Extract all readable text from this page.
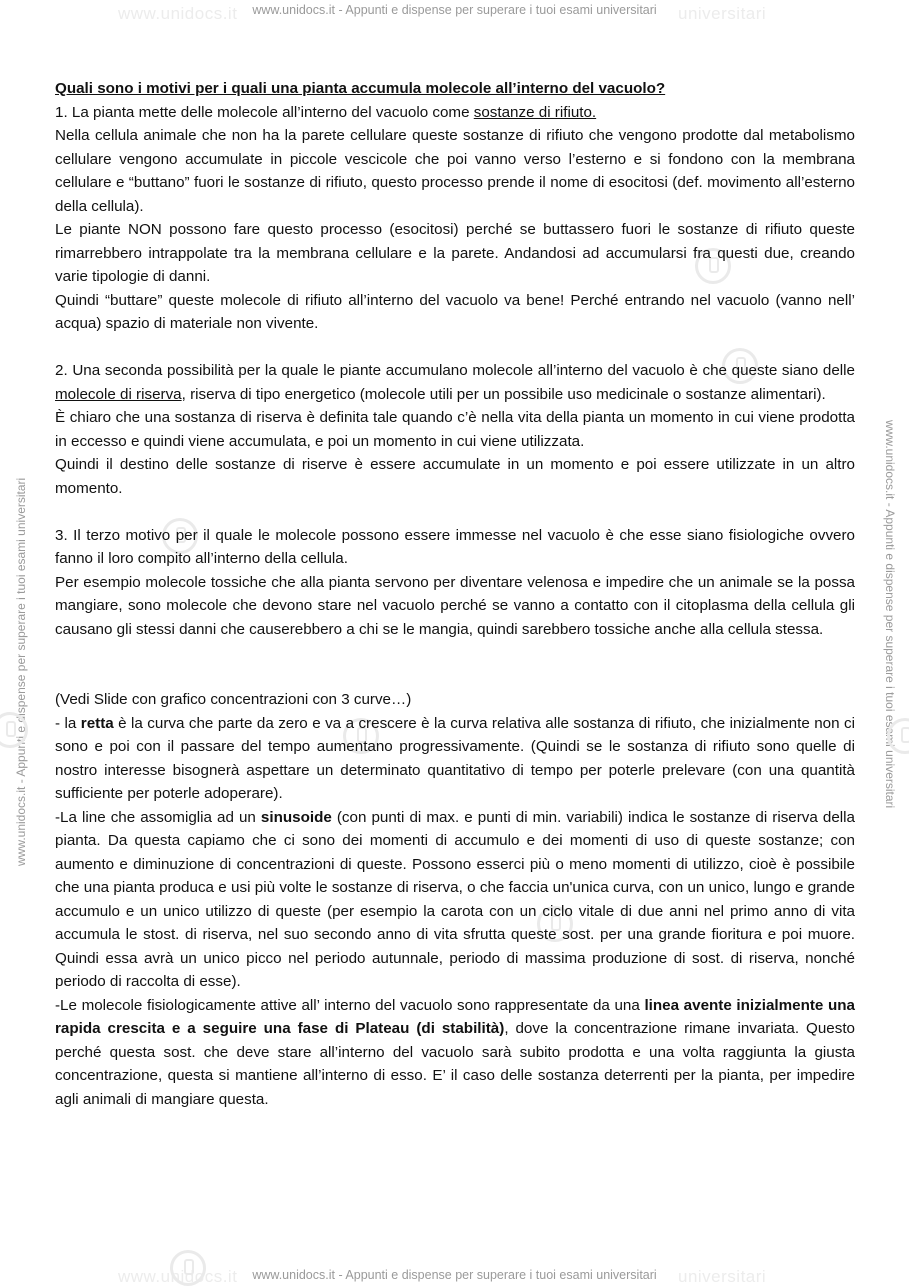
www.unidocs.it	universitari
www.unidocs.it - Appunti e dispense per superare i tuoi esami universitari
www.unidocs.it	universitari
www.unidocs.it - Appunti e dispense per superare i tuoi esami universitari
www.unidocs.it - Appunti e dispense per superare i tuoi esami universitari	www.unidocs.it - Appunti e dispense per superare i tuoi esami universitari

Quali sono i motivi per i quali una pianta accumula molecole all’interno del vacuolo?

1. La pianta mette delle molecole all’interno del vacuolo come sostanze di rifiuto.

Nella cellula animale che non ha la parete cellulare queste sostanze di rifiuto che vengono prodotte dal metabolismo cellulare vengono accumulate in piccole vescicole che poi vanno verso l’esterno e si fondono con la membrana cellulare e “buttano” fuori le sostanze di rifiuto, questo processo prende il nome di esocitosi (def. movimento all’esterno della cellula).

Le piante NON possono fare questo processo (esocitosi) perché se buttassero fuori le sostanze di rifiuto queste rimarrebbero intrappolate tra la membrana cellulare e la parete. Andandosi ad accumularsi fra questi due, creando varie tipologie di danni.

Quindi “buttare” queste molecole di rifiuto all’interno del vacuolo va bene! Perché entrando nel vacuolo (vanno nell’ acqua) spazio di materiale non vivente.

2. Una seconda possibilità per la quale le piante accumulano molecole all’interno del vacuolo è che queste siano delle molecole di riserva, riserva di tipo energetico (molecole utili per un possibile uso medicinale o sostanze alimentari).

È chiaro che una sostanza di riserva è definita tale quando c’è nella vita della pianta un momento in cui viene prodotta in eccesso e quindi viene accumulata, e poi un momento in cui viene utilizzata.

Quindi il destino delle sostanze di riserve è essere accumulate in un momento e poi essere utilizzate in un altro momento.

3. Il terzo motivo per il quale le molecole possono essere immesse nel vacuolo è che esse siano fisiologiche ovvero fanno il loro compito all’interno della cellula.

Per esempio molecole tossiche che alla pianta servono per diventare velenosa e impedire che un animale se la possa mangiare, sono molecole che devono stare nel vacuolo perché se vanno a contatto con il citoplasma della cellula gli causano gli stessi danni che causerebbero a chi se le mangia, quindi sarebbero tossiche anche alla cellula stessa.

(Vedi Slide con grafico concentrazioni con 3 curve…)

- la retta è la curva che parte da zero e va a crescere è la curva relativa alle sostanza di rifiuto, che inizialmente non ci sono e poi con il passare del tempo aumentano progressivamente. (Quindi se le sostanza di rifiuto sono quelle di nostro interesse bisognerà aspettare un determinato quantitativo di tempo per poterle prelevare (con una quantità sufficiente per poterle adoperare).

-La line che assomiglia ad un sinusoide (con punti di max. e punti di min. variabili) indica le sostanze di riserva della pianta. Da questa capiamo che ci sono dei momenti di accumulo e dei momenti di uso di queste sostanze; con aumento e diminuzione di concentrazioni di queste. Possono esserci più o meno momenti di utilizzo, cioè è possibile che una pianta produca e usi più volte le sostanze di riserva, o che faccia un'unica curva, con un unico, lungo e grande accumulo e un unico utilizzo di queste (per esempio la carota con un ciclo vitale di due anni nel primo anno di vita accumula le stost. di riserva, nel suo secondo anno di vita sfrutta queste sost. per una grande fioritura e poi muore. Quindi essa avrà un unico picco nel periodo autunnale, periodo di massima produzione di sost. di riserva, nonché periodo di raccolta di esse).

-Le molecole fisiologicamente attive all’ interno del vacuolo sono rappresentate da una linea avente inizialmente una rapida crescita e a seguire una fase di Plateau (di stabilità), dove la concentrazione rimane invariata. Questo perché questa sost. che deve stare all’interno del vacuolo sarà subito prodotta e una volta raggiunta la giusta concentrazione, questa si mantiene all’interno di esso. E’ il caso delle sostanza deterrenti per la pianta, per impedire agli animali di mangiare questa.
